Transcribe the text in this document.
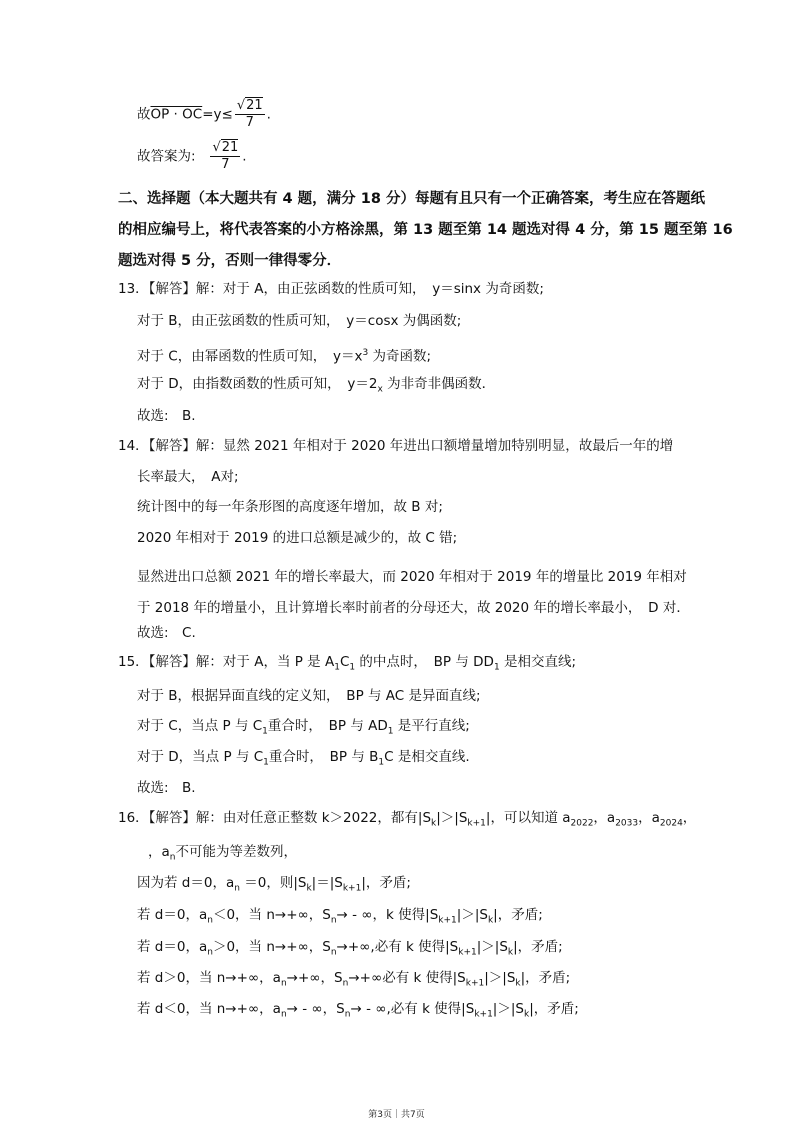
故OP · $OC=y\le \frac{√21}{7}$ .
故答案为: $\frac{√21}{7}$ .
二、选择题（本大题共有 4 题，满分 18 分）每题有且只有一个正确答案，考生应在答题纸
的相应编号上，将代表答案的小方格涂黑，第 13 题至第 14 题选对得 4 分，第 15 题至第 16
题选对得 5 分，否则一律得零分．
13．【解答】解：对于 A，由正弦函数的性质可知，　y＝sinx 为奇函数;
对于 B，由正弦函数的性质可知，　y＝cosx 为偶函数;
对于 C，由幂函数的性质可知，　$y=x^3$ 为奇函数;
对于 D，由指数函数的性质可知，　$y=2_x$ 为非奇非偶函数．
故选:　B.
14．【解答】解：显然 2021 年相对于 2020 年进出口额增量增加特别明显，故最后一年的增
长率最大，　A对;
统计图中的每一年条形图的高度逐年增加，故 B 对;
2020 年相对于 2019 的进口总额是减少的，故 C 错;
显然进出口总额 2021 年的增长率最大，而 2020 年相对于 2019 年的增量比 2019 年相对
于 2018 年的增量小，且计算增长率时前者的分母还大，故 2020 年的增长率最小，　D 对．
故选:　C.
15．【解答】解：对于 A，当 P 是 $A_1C_1$ 的中点时，　BP 与 $DD_1$ 是相交直线;
对于 B，根据异面直线的定义知，　BP 与 AC 是异面直线;
对于 C，当点 P 与 $C_1$重合时，　BP 与 $AD_1$ 是平行直线;
对于 D，当点 P 与 $C_1$重合时，　BP 与 $B_1C$ 是相交直线.
故选:　B.
16．【解答】解：由对任意正整数 k＞2022，都有$|S_k|>|S_{k+1}|$，可以知道 $a_{2022}$，$a_{2033}$，$a_{2024}$，
，$a_n$不可能为等差数列，
因为若 d＝0，$a_n =0$，则$|S_k|=|S_{k+1}|$，矛盾;
若 d＝0，$a_n<0$，当 n→+∞，$S_n\to$ - ∞，k 使得$|S_{k+1}|>|S_k|$，矛盾;
若 d＝0，$a_n>0$，当 n→+∞，$S_n\to+\infty$,必有 k 使得$|S_{k+1}|>|S_k|$，矛盾;
若 d＞0，当 n→+∞，$a_n\to+\infty$，$S_n\to+\infty$必有 k 使得$|S_{k+1}|>|S_k|$，矛盾;
若 d＜0，当 n→+∞，$a_n\to$ - ∞，$S_n\to$ - ∞,必有 k 使得$|S_{k+1}|>|S_k|$，矛盾;
第3页｜共7页
